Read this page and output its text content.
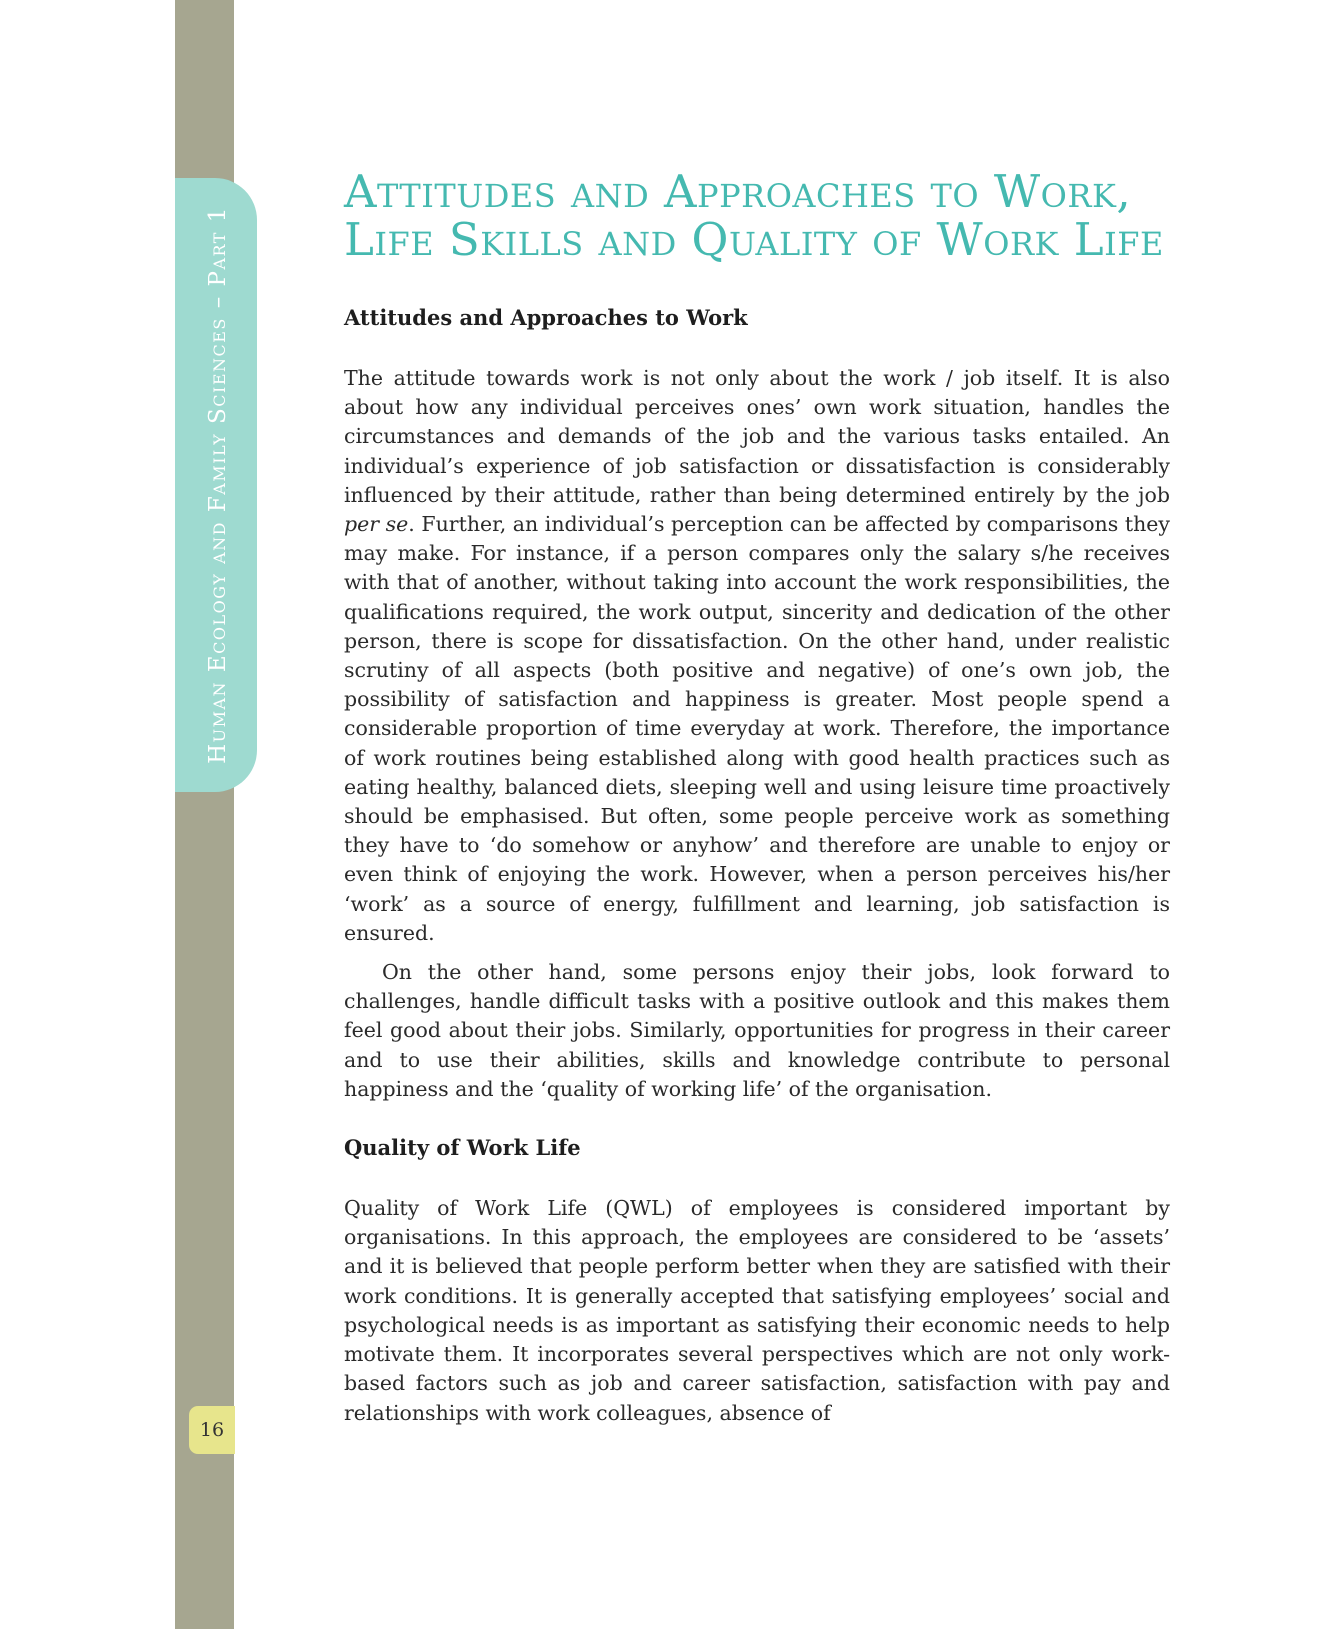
Human Ecology and Family Sciences – Part 1
16
Attitudes and Approaches to Work,
Life Skills and Quality of Work Life
Attitudes and Approaches to Work

The attitude towards work is not only about the work / job itself. It is also about how any individual perceives ones’ own work situation, handles the circumstances and demands of the job and the various tasks entailed. An individual’s experience of job satisfaction or dissatisfaction is considerably influenced by their attitude, rather than being determined entirely by the job per se. Further, an individual’s perception can be affected by comparisons they may make. For instance, if a person compares only the salary s/he receives with that of another, without taking into account the work responsibilities, the qualifications required, the work output, sincerity and dedication of the other person, there is scope for dissatisfaction. On the other hand, under realistic scrutiny of all aspects (both positive and negative) of one’s own job, the possibility of satisfaction and happiness is greater. Most people spend a considerable proportion of time everyday at work. Therefore, the importance of work routines being established along with good health practices such as eating healthy, balanced diets, sleeping well and using leisure time proactively should be emphasised. But often, some people perceive work as something they have to ‘do somehow or anyhow’ and therefore are unable to enjoy or even think of enjoying the work. However, when a person perceives his/her ‘work’ as a source of energy, fulfillment and learning, job satisfaction is ensured.

On the other hand, some persons enjoy their jobs, look forward to challenges, handle difficult tasks with a positive outlook and this makes them feel good about their jobs. Similarly, opportunities for progress in their career and to use their abilities, skills and knowledge contribute to personal happiness and the ‘quality of working life’ of the organisation.

Quality of Work Life

Quality of Work Life (QWL) of employees is considered important by organisations. In this approach, the employees are considered to be ‘assets’ and it is believed that people perform better when they are satisfied with their work conditions. It is generally accepted that satisfying employees’ social and psychological needs is as important as satisfying their economic needs to help motivate them. It incorporates several perspectives which are not only work-based factors such as job and career satisfaction, satisfaction with pay and relationships with work colleagues, absence of
